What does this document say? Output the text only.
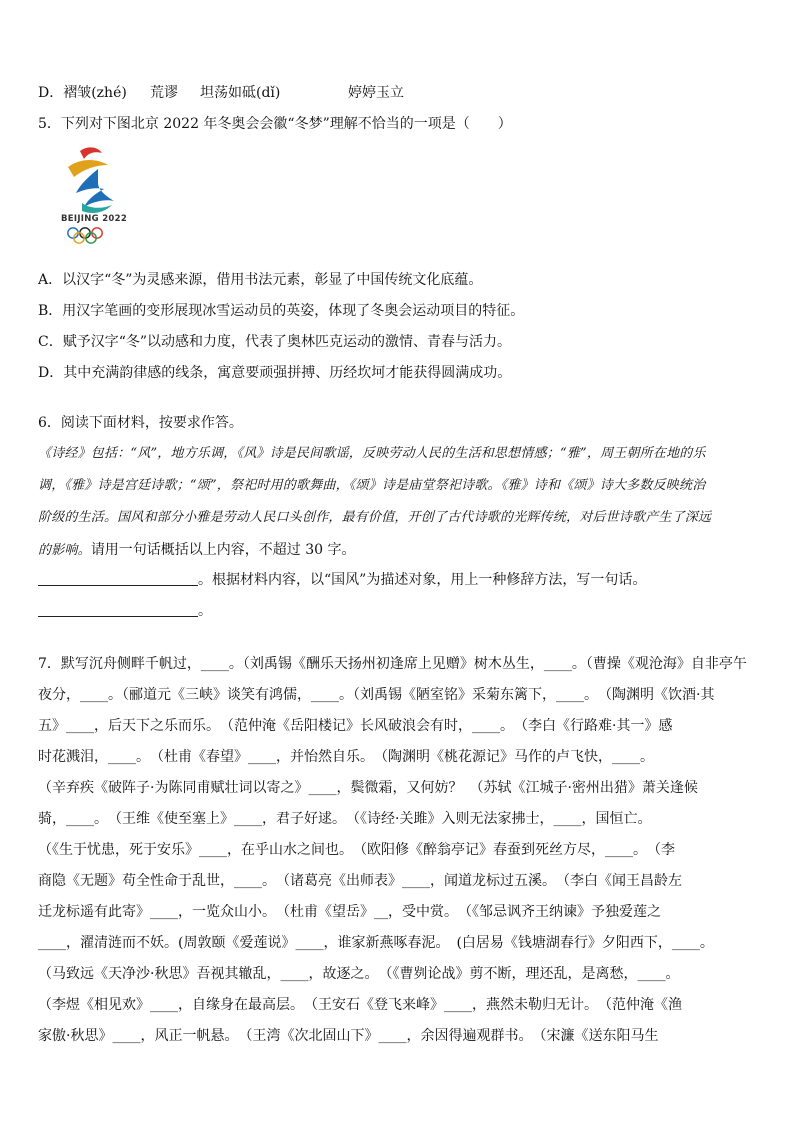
D．褶皱(zhé) 荒谬 坦荡如砥(dǐ)	婷婷玉立
5．下列对下图北京 2022 年冬奥会会徽“冬梦”理解不恰当的一项是（　　）
BEIJING 2022
A．以汉字“冬”为灵感来源，借用书法元素，彰显了中国传统文化底蕴。
B．用汉字笔画的变形展现冰雪运动员的英姿，体现了冬奥会运动项目的特征。
C．赋予汉字“冬”以动感和力度，代表了奥林匹克运动的激情、青春与活力。
D．其中充满韵律感的线条，寓意要顽强拼搏、历经坎坷才能获得圆满成功。
6．阅读下面材料，按要求作答。
《诗经》包括：“风”，地方乐调，《风》诗是民间歌谣，反映劳动人民的生活和思想情感；“雅”，周王朝所在地的乐
调，《雅》诗是宫廷诗歌；“颂”，祭祀时用的歌舞曲，《颂》诗是庙堂祭祀诗歌。《雅》诗和《颂》诗大多数反映统治
阶级的生活。国风和部分小雅是劳动人民口头创作，最有价值，开创了古代诗歌的光辉传统，对后世诗歌产生了深远
的影响。请用一句话概括以上内容，不超过 30 字。
。根据材料内容，以“国风”为描述对象，用上一种修辞方法，写一句话。
。
7．默写沉舟侧畔千帆过，____。（刘禹锡《酬乐天扬州初逢席上见赠》树木丛生，____。（曹操《观沧海》自非亭午
夜分，____。（郦道元《三峡》谈笑有鸿儒，____。（刘禹锡《陋室铭》采菊东篱下，____。　（陶渊明《饮酒·其
五》____，后天下之乐而乐。　（范仲淹《岳阳楼记》长风破浪会有时，____。　（李白《行路难·其一》感
时花溅泪，____。　（杜甫《春望》____，并怡然自乐。　（陶渊明《桃花源记》马作的卢飞快，____。
（辛弃疾《破阵子·为陈同甫赋壮词以寄之》____，鬓微霜，又何妨？　（苏轼《江城子·密州出猎》萧关逢候
骑，____。　（王维《使至塞上》____，君子好逑。　（《诗经·关雎》入则无法家拂士，____，国恒亡。
（《生于忧患，死于安乐》____，在乎山水之间也。　（欧阳修《醉翁亭记》春蚕到死丝方尽，____。　（李
商隐《无题》苟全性命于乱世，____。　（诸葛亮《出师表》____，闻道龙标过五溪。　（李白《闻王昌龄左
迁龙标遥有此寄》____，一览众山小。　（杜甫《望岳》__，受中赏。　（《邹忌讽齐王纳谏》予独爱莲之
____，濯清涟而不妖。(周敦颐《爱莲说》____，谁家新燕啄春泥。　(白居易《钱塘湖春行》夕阳西下，____。
（马致远《天净沙·秋思》吾视其辙乱，____，故逐之。　（《曹刿论战》剪不断，理还乱，是离愁，____。
（李煜《相见欢》____，自缘身在最高层。　（王安石《登飞来峰》____，燕然未勒归无计。　（范仲淹《渔
家傲·秋思》____，风正一帆悬。　（王湾《次北固山下》____，余因得遍观群书。　（宋濂《送东阳马生
